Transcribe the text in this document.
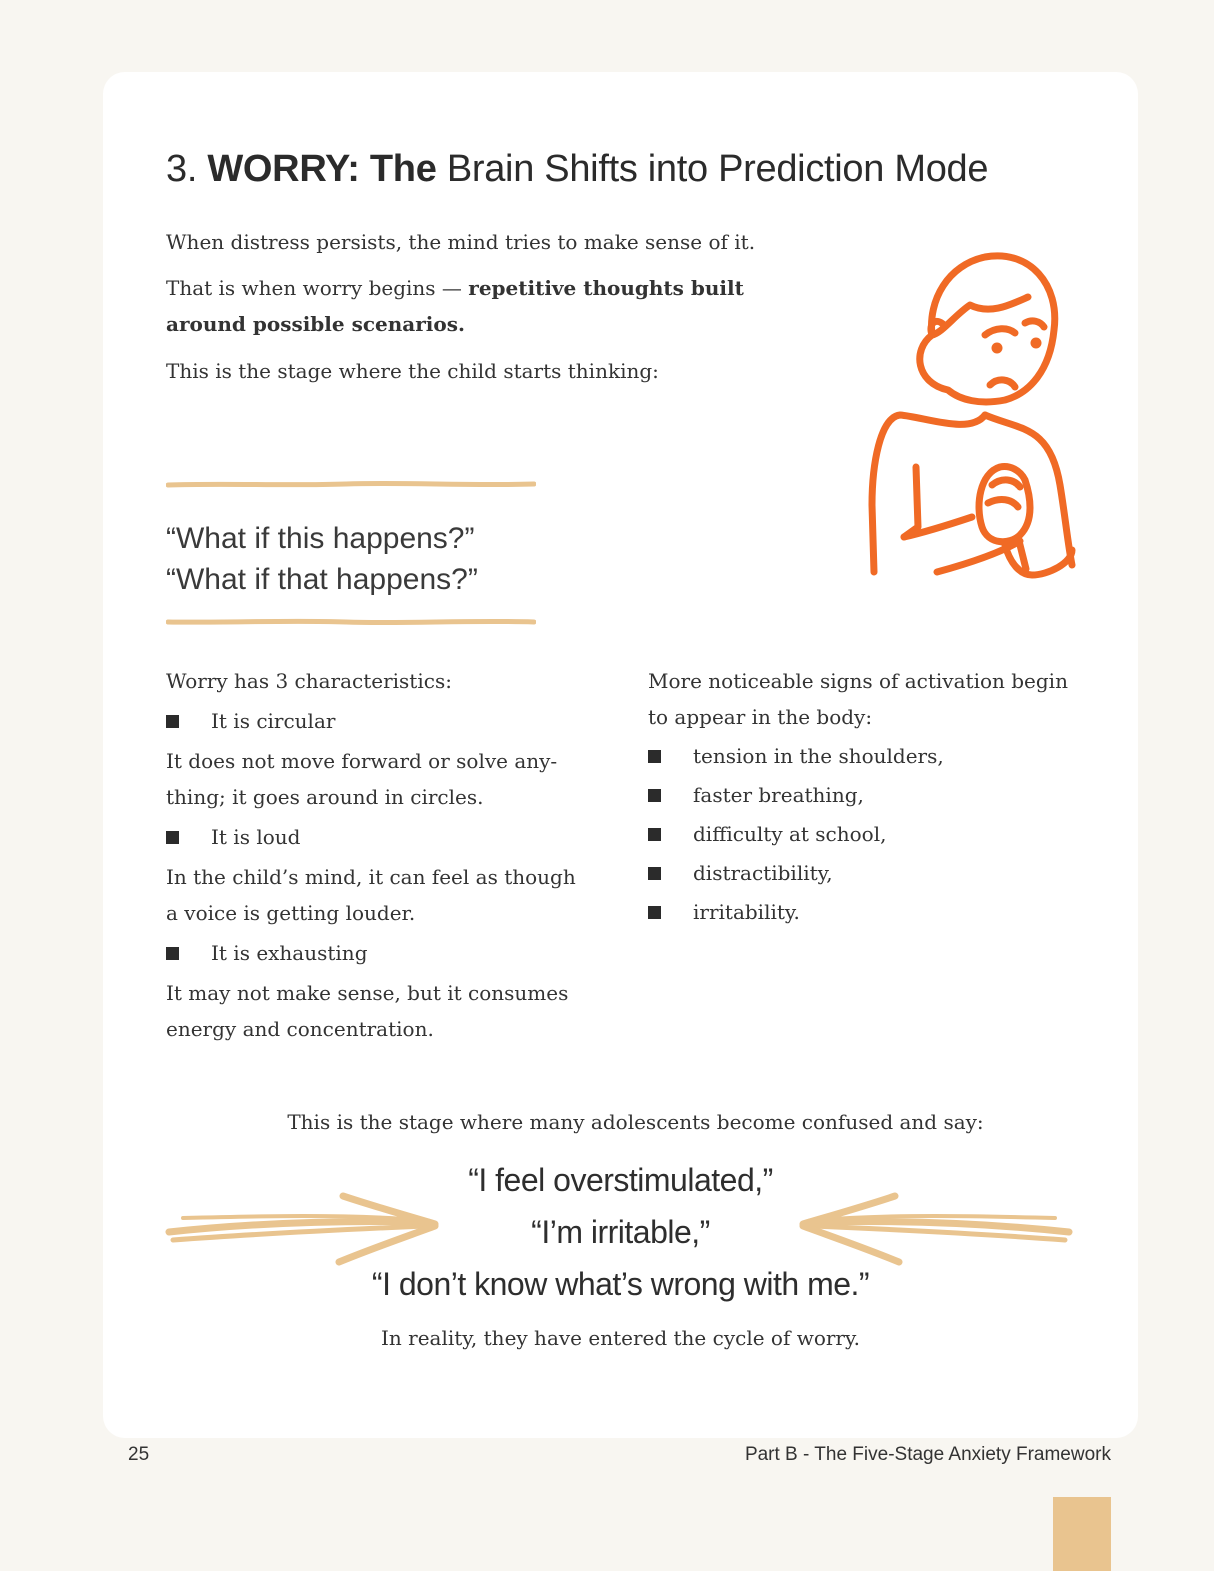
3. WORRY: The Brain Shifts into Prediction Mode

When distress persists, the mind tries to make sense of it.

That is when worry begins — repetitive thoughts built
around possible scenarios.

This is the stage where the child starts thinking:

“What if this happens?”
“What if that happens?”

Worry has 3 characteristics:

It is circular

It does not move forward or solve any-
thing; it goes around in circles.

It is loud

In the child’s mind, it can feel as though
a voice is getting louder.

It is exhausting

It may not make sense, but it consumes
energy and concentration.

More noticeable signs of activation begin
to appear in the body:

tension in the shoulders,
faster breathing,
difficulty at school,
distractibility,
irritability.

This is the stage where many adolescents become confused and say:

“I feel overstimulated,”

“I’m irritable,”

“I don’t know what’s wrong with me.”

In reality, they have entered the cycle of worry.

25	Part B - The Five-Stage Anxiety Framework
